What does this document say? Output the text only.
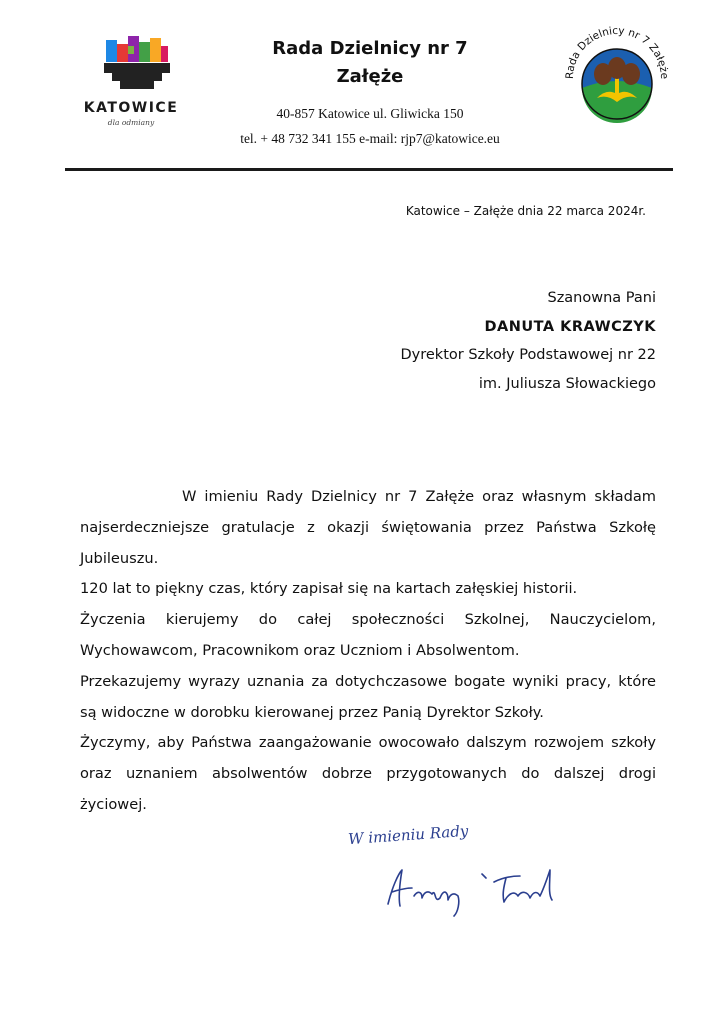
KATOWICE
dla odmiany
Rada Dzielnicy nr 7
Załęże
40-857 Katowice ul. Gliwicka 150
tel. + 48 732 341 155 e-mail: rjp7@katowice.eu
Rada Dzielnicy nr 7 Załęże
Katowice – Załęże dnia 22 marca 2024r.
Szanowna Pani
DANUTA KRAWCZYK
Dyrektor Szkoły Podstawowej nr 22
im. Juliusza Słowackiego

W imieniu Rady Dzielnicy nr 7 Załęże oraz własnym składam najserdeczniejsze gratulacje z okazji świętowania przez Państwa Szkołę Jubileuszu.

120 lat to piękny czas, który zapisał się na kartach załęskiej historii.

Życzenia kierujemy do całej społeczności Szkolnej, Nauczycielom, Wychowawcom, Pracownikom oraz Uczniom i Absolwentom.

Przekazujemy wyrazy uznania za dotychczasowe bogate wyniki pracy, które są widoczne w dorobku kierowanej przez Panią Dyrektor Szkoły.

Życzymy, aby Państwa zaangażowanie owocowało dalszym rozwojem szkoły oraz uznaniem absolwentów dobrze przygotowanych do dalszej drogi życiowej.

W imieniu Rady
